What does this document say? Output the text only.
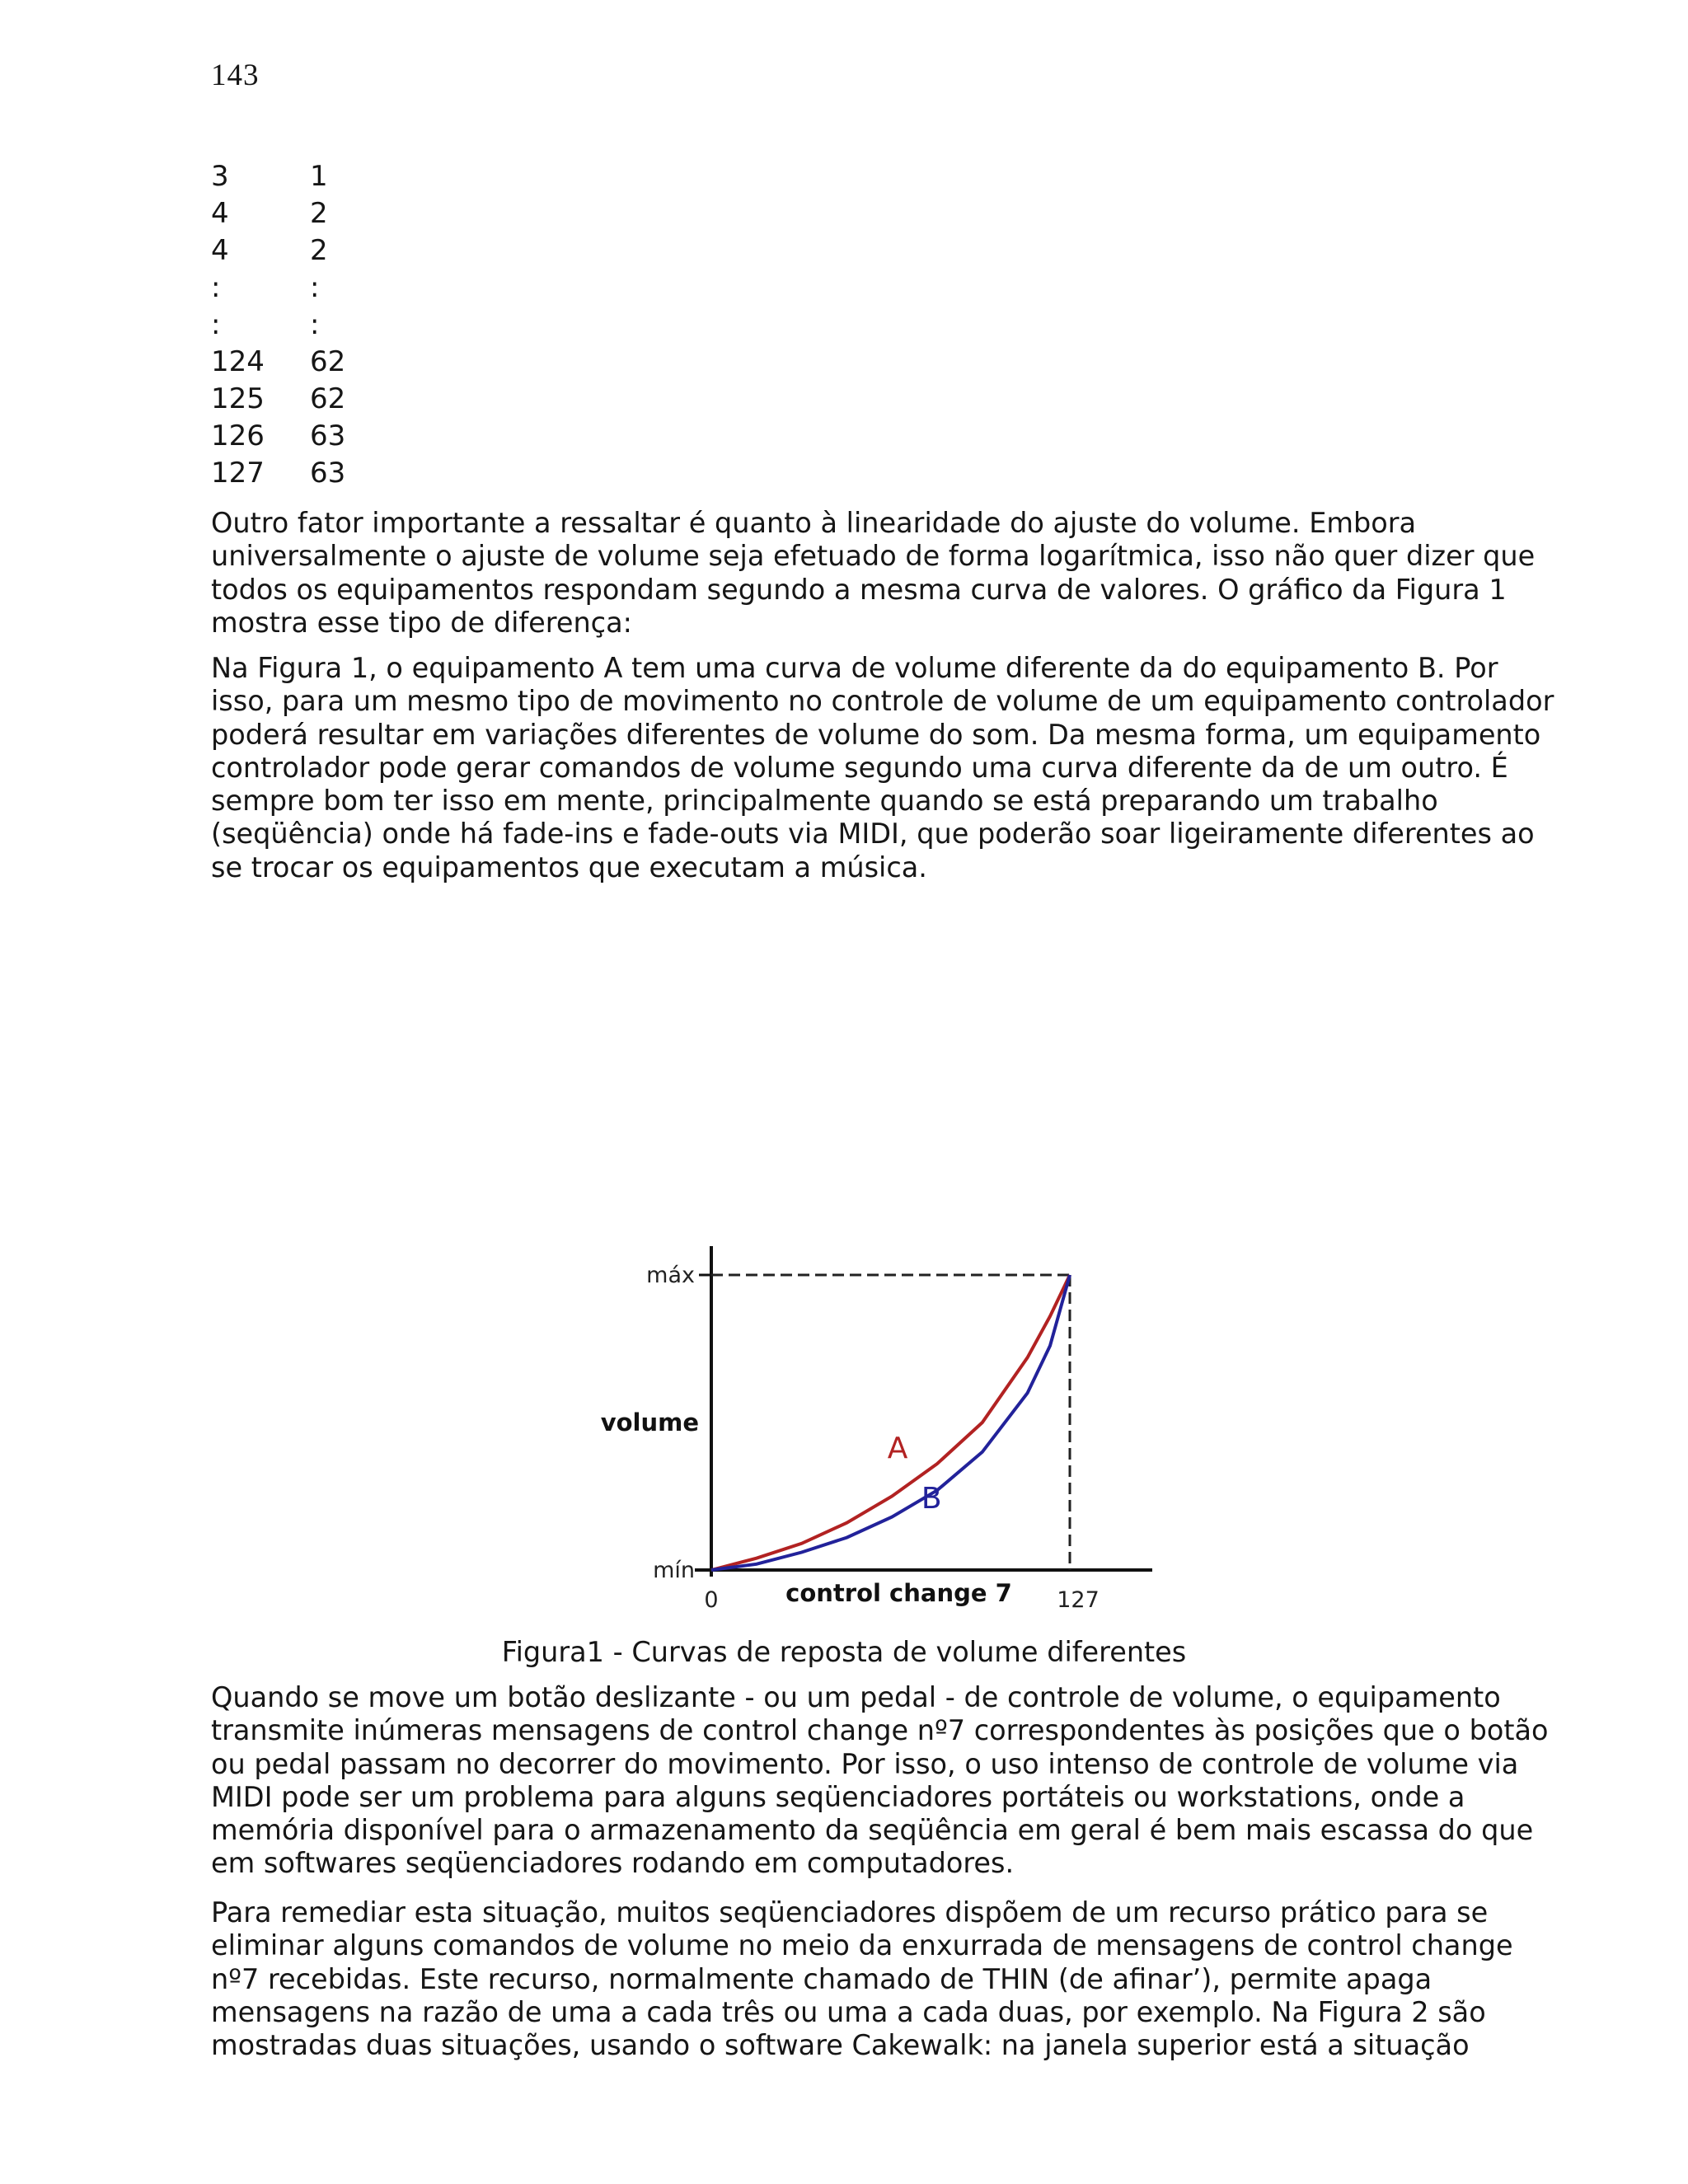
143
3	1
4	2
4	2
:	:
:	:
124	62
125	62
126	63
127	63

Outro fator importante a ressaltar é quanto à linearidade do ajuste do volume. Embora universalmente o ajuste de volume seja efetuado de forma logarítmica, isso não quer dizer que todos os equipamentos respondam segundo a mesma curva de valores. O gráfico da Figura 1 mostra esse tipo de diferença:

Na Figura 1, o equipamento A tem uma curva de volume diferente da do equipamento B. Por isso, para um mesmo tipo de movimento no controle de volume de um equipamento controlador poderá resultar em variações diferentes de volume do som. Da mesma forma, um equipamento controlador pode gerar comandos de volume segundo uma curva diferente da de um outro. É sempre bom ter isso em mente, principalmente quando se está preparando um trabalho (seqüência) onde há fade-ins e fade-outs via MIDI, que poderão soar ligeiramente diferentes ao se trocar os equipamentos que executam a música.

máx
mín
volume
0	127
control change 7
A
B
Figura1 - Curvas de reposta de volume diferentes

Quando se move um botão deslizante - ou um pedal - de controle de volume, o equipamento transmite inúmeras mensagens de control change nº7 correspondentes às posições que o botão ou pedal passam no decorrer do movimento. Por isso, o uso intenso de controle de volume via MIDI pode ser um problema para alguns seqüenciadores portáteis ou workstations, onde a memória disponível para o armazenamento da seqüência em geral é bem mais escassa do que em softwares seqüenciadores rodando em computadores.

Para remediar esta situação, muitos seqüenciadores dispõem de um recurso prático para se eliminar alguns comandos de volume no meio da enxurrada de mensagens de control change nº7 recebidas. Este recurso, normalmente chamado de THIN (de afinar’), permite apaga mensagens na razão de uma a cada três ou uma a cada duas, por exemplo. Na Figura 2 são mostradas duas situações, usando o software Cakewalk: na janela superior está a situação
